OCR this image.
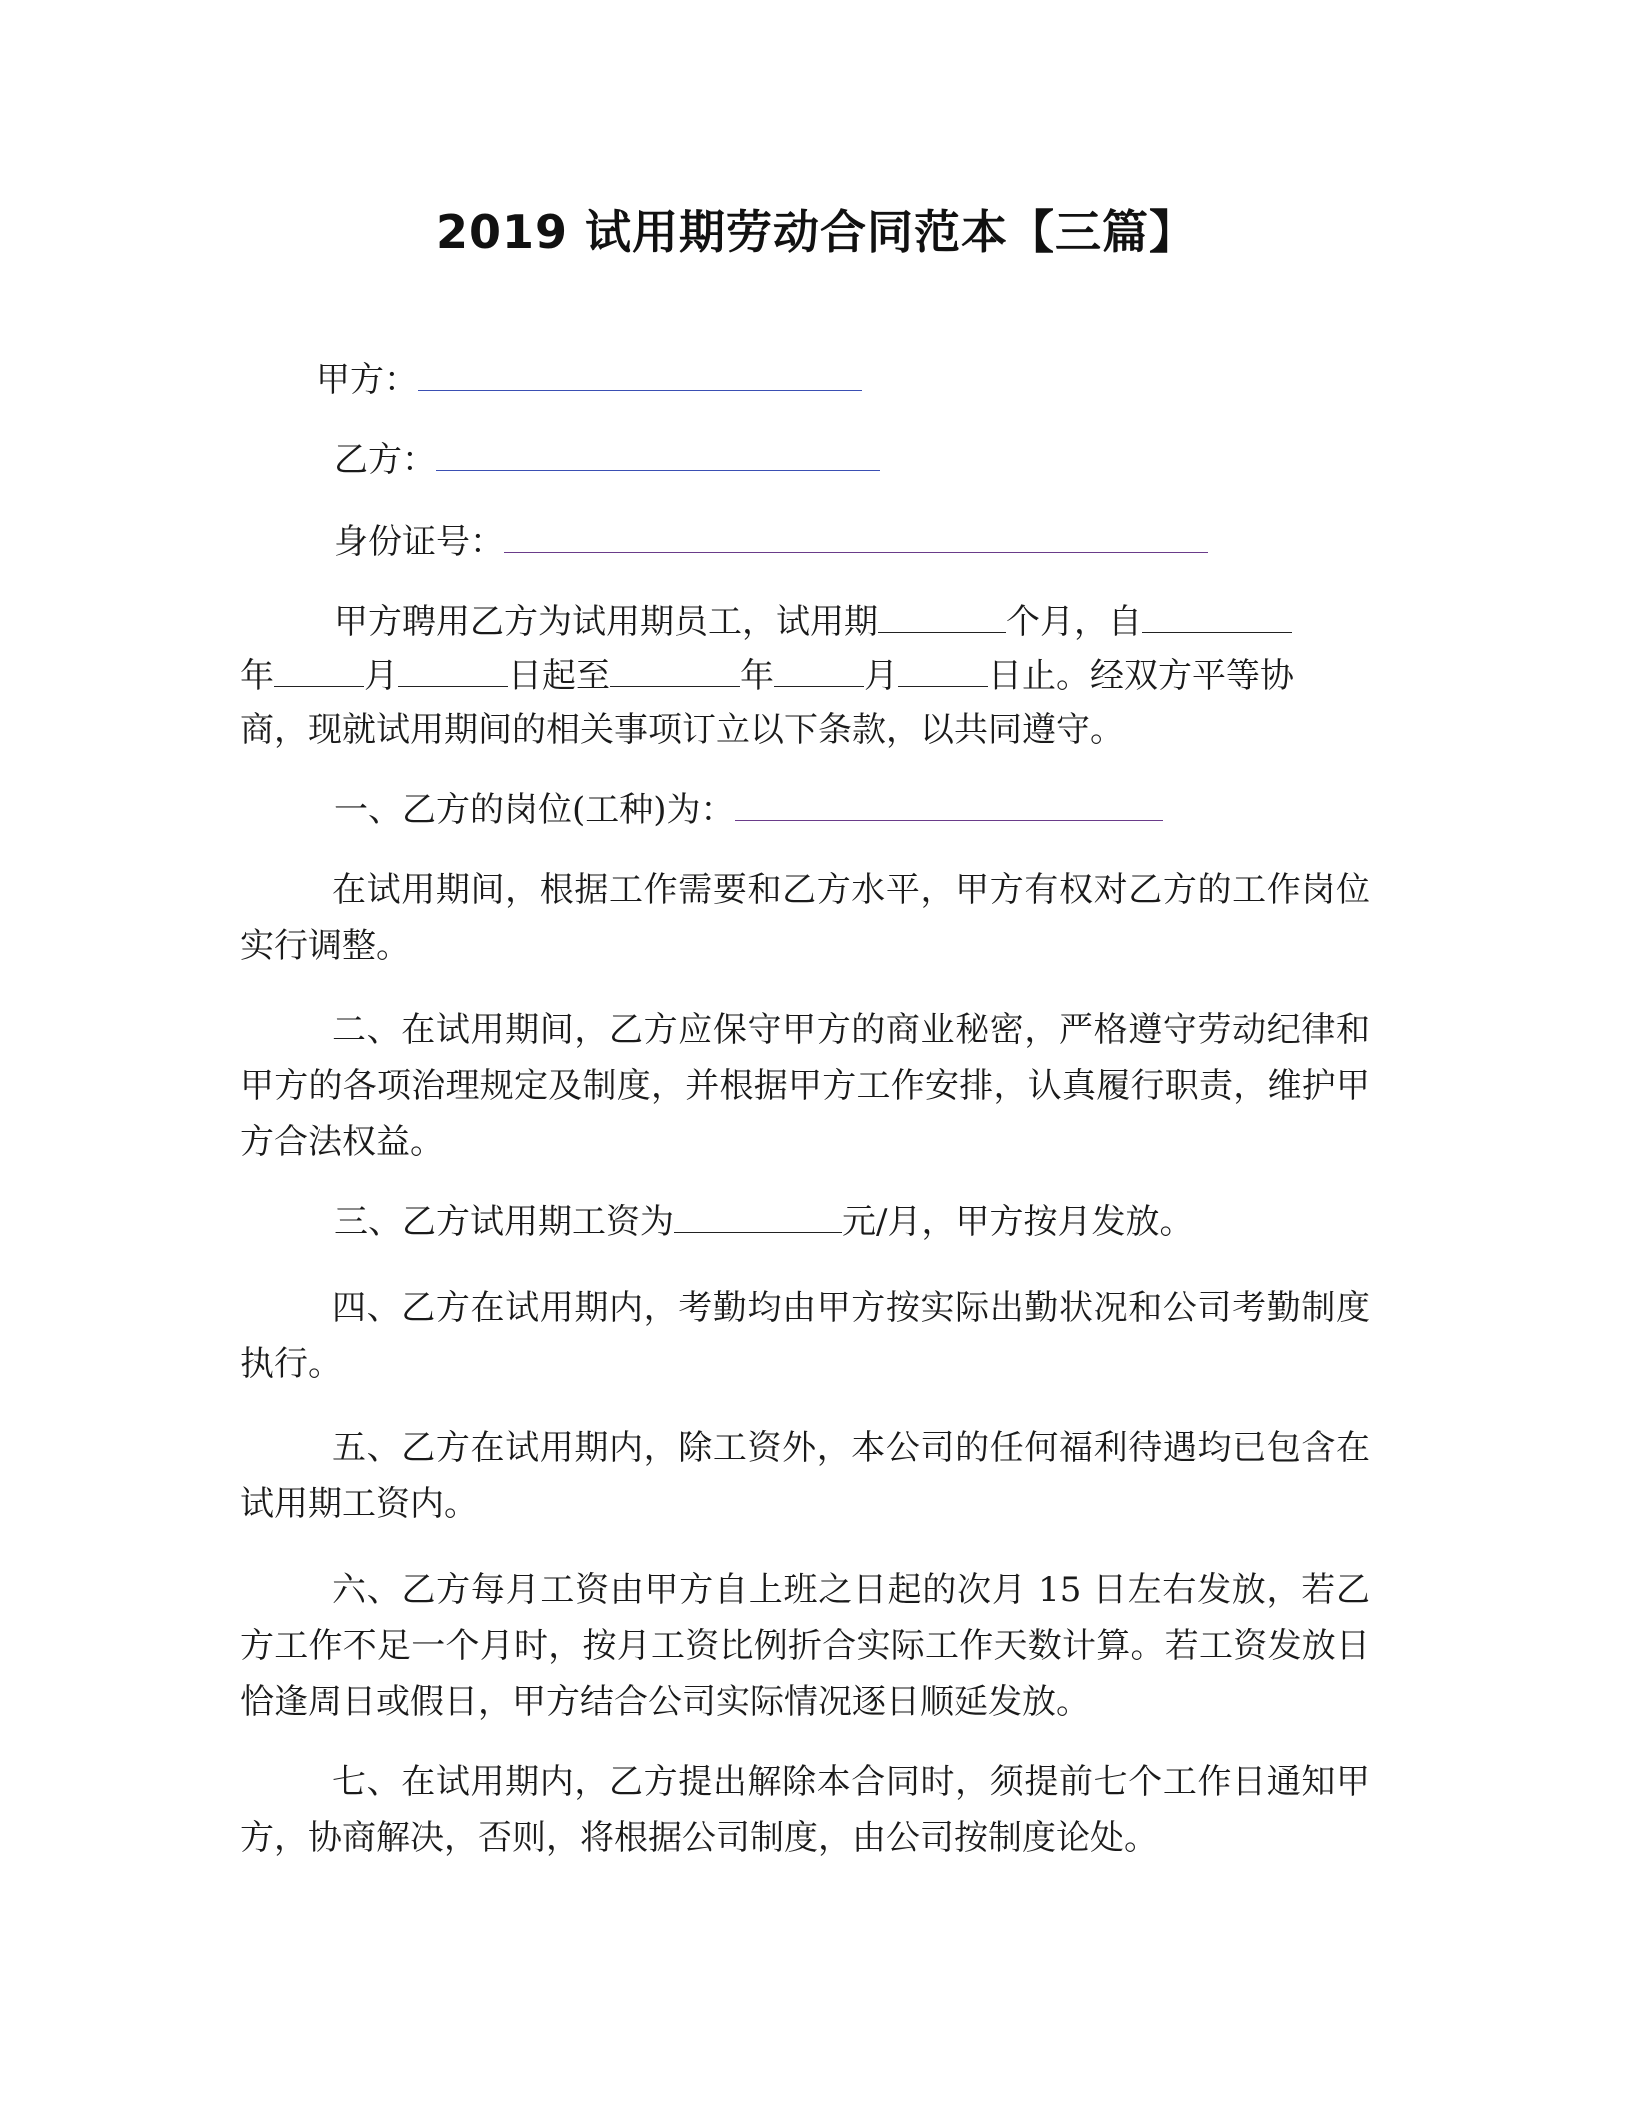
2019 试用期劳动合同范本【三篇】
甲方：
乙方：
身份证号：
甲方聘用乙方为试用期员工，试用期	个月，自
年	月	日起至	年	月	日止。经双方平等协
商，现就试用期间的相关事项订立以下条款，以共同遵守。
一、乙方的岗位(工种)为：
在试用期间，根据工作需要和乙方水平，甲方有权对乙方的工作岗位实行调整。
二、在试用期间，乙方应保守甲方的商业秘密，严格遵守劳动纪律和甲方的各项治理规定及制度，并根据甲方工作安排，认真履行职责，维护甲方合法权益。
三、乙方试用期工资为	元/月，甲方按月发放。
四、乙方在试用期内，考勤均由甲方按实际出勤状况和公司考勤制度执行。
五、乙方在试用期内，除工资外，本公司的任何福利待遇均已包含在试用期工资内。
六、乙方每月工资由甲方自上班之日起的次月 15 日左右发放，若乙方工作不足一个月时，按月工资比例折合实际工作天数计算。若工资发放日恰逢周日或假日，甲方结合公司实际情况逐日顺延发放。
七、在试用期内，乙方提出解除本合同时，须提前七个工作日通知甲方，协商解决，否则，将根据公司制度，由公司按制度论处。
